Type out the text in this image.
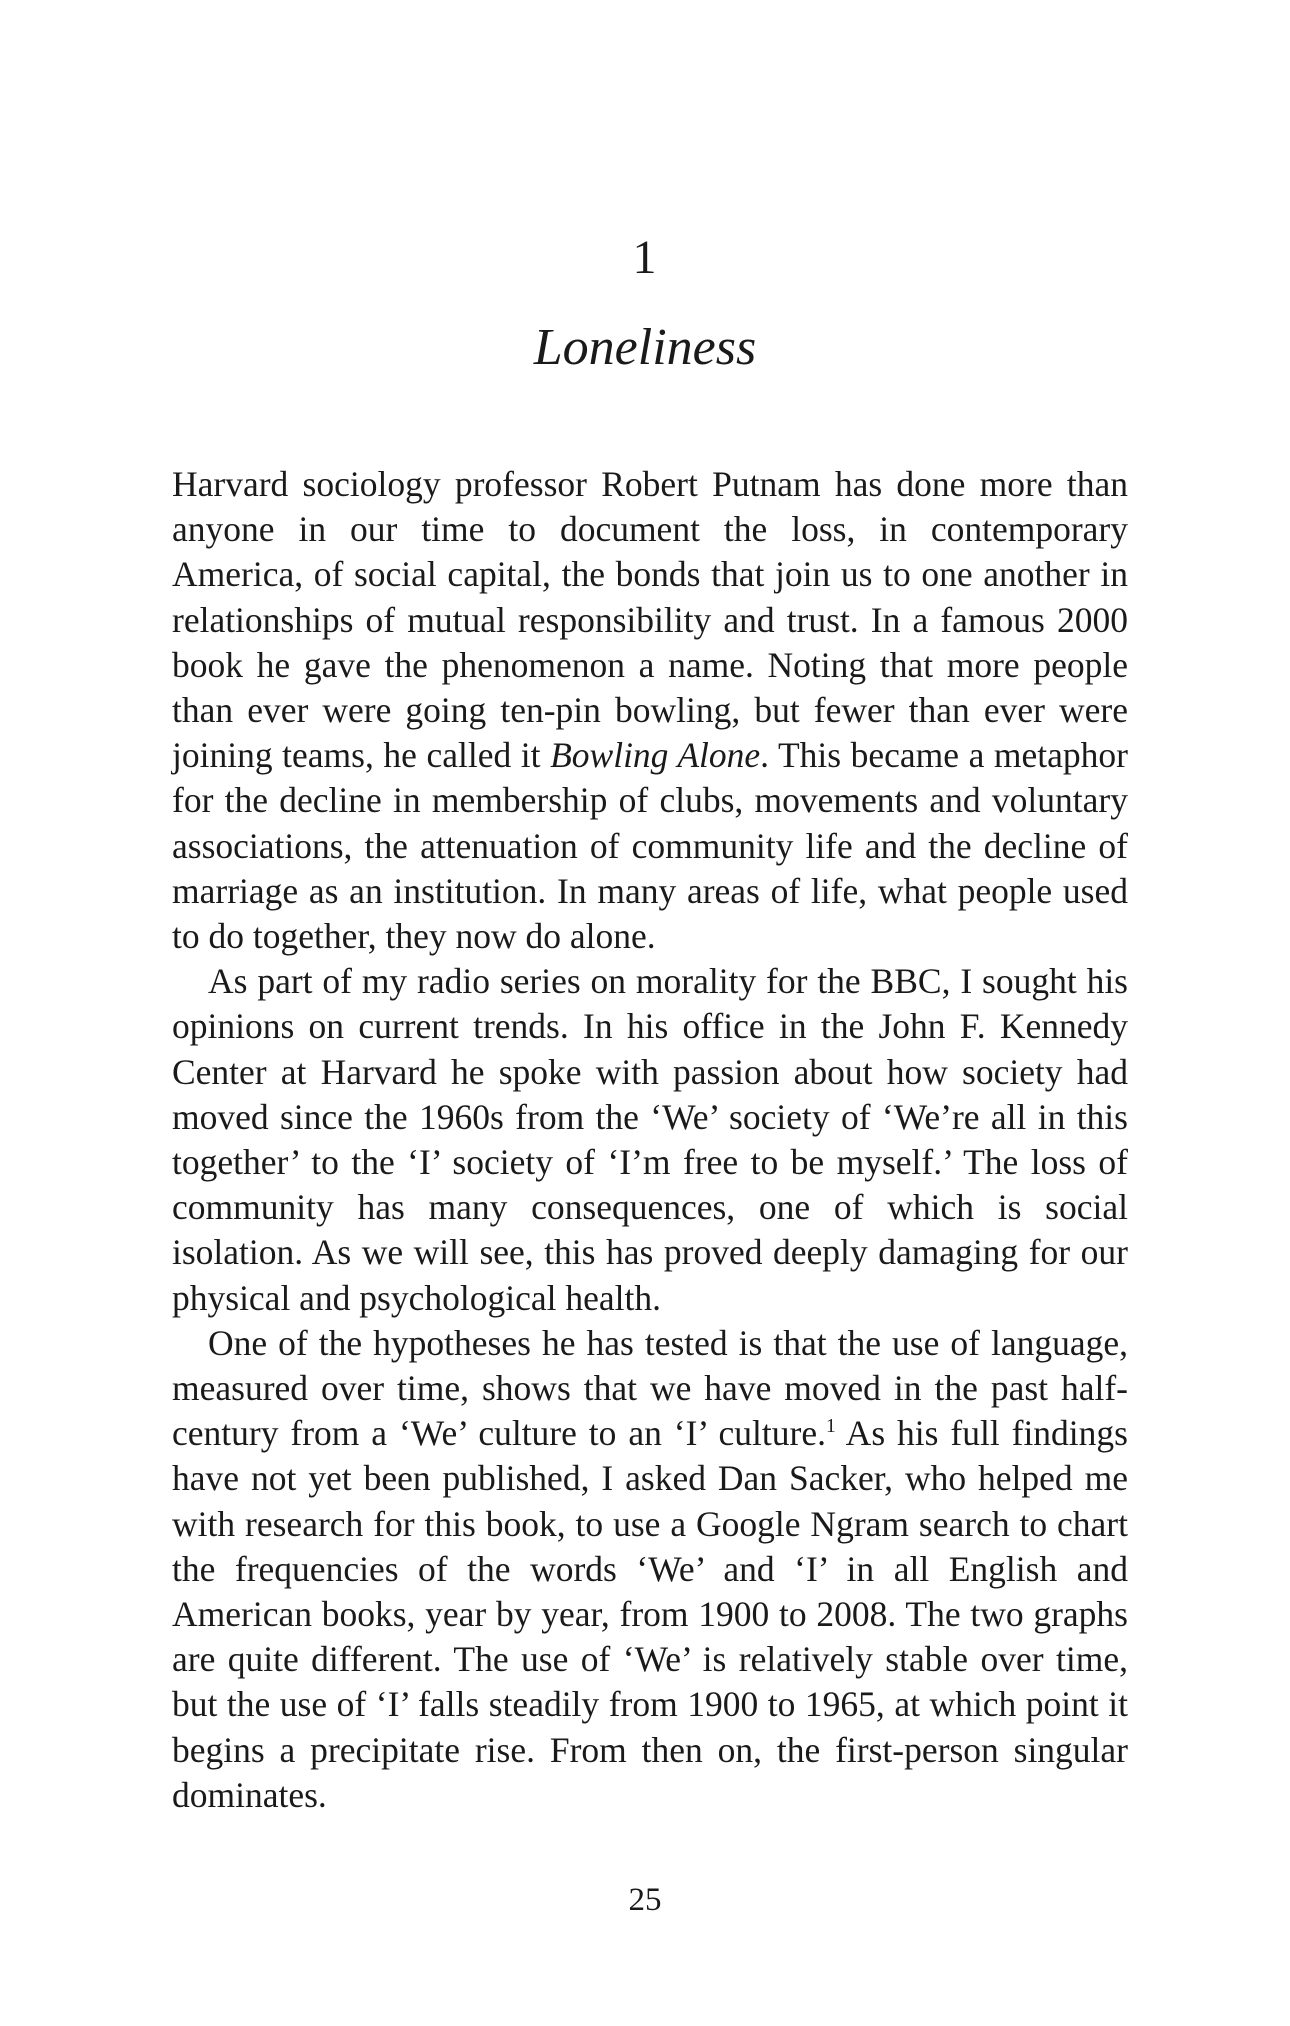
1
Loneliness

Harvard sociology professor Robert Putnam has done more than anyone in our time to document the loss, in contemporary America, of social capital, the bonds that join us to one another in relationships of mutual responsibility and trust. In a famous 2000 book he gave the phenomenon a name. Noting that more people than ever were going ten-pin bowling, but fewer than ever were joining teams, he called it Bowling Alone. This became a metaphor for the decline in membership of clubs, movements and voluntary associations, the attenuation of community life and the decline of marriage as an institution. In many areas of life, what people used to do together, they now do alone.

As part of my radio series on morality for the BBC, I sought his opinions on current trends. In his office in the John F. Kennedy Center at Harvard he spoke with passion about how society had moved since the 1960s from the ‘We’ society of ‘We’re all in this together’ to the ‘I’ society of ‘I’m free to be myself.’ The loss of community has many consequences, one of which is social isolation. As we will see, this has proved deeply damaging for our physical and psychological health.

One of the hypotheses he has tested is that the use of language, measured over time, shows that we have moved in the past half-century from a ‘We’ culture to an ‘I’ culture.$^1$ As his full findings have not yet been published, I asked Dan Sacker, who helped me with research for this book, to use a Google Ngram search to chart the frequencies of the words ‘We’ and ‘I’ in all English and American books, year by year, from 1900 to 2008. The two graphs are quite different. The use of ‘We’ is relatively stable over time, but the use of ‘I’ falls steadily from 1900 to 1965, at which point it begins a precipitate rise. From then on, the first-person singular dominates.

25
